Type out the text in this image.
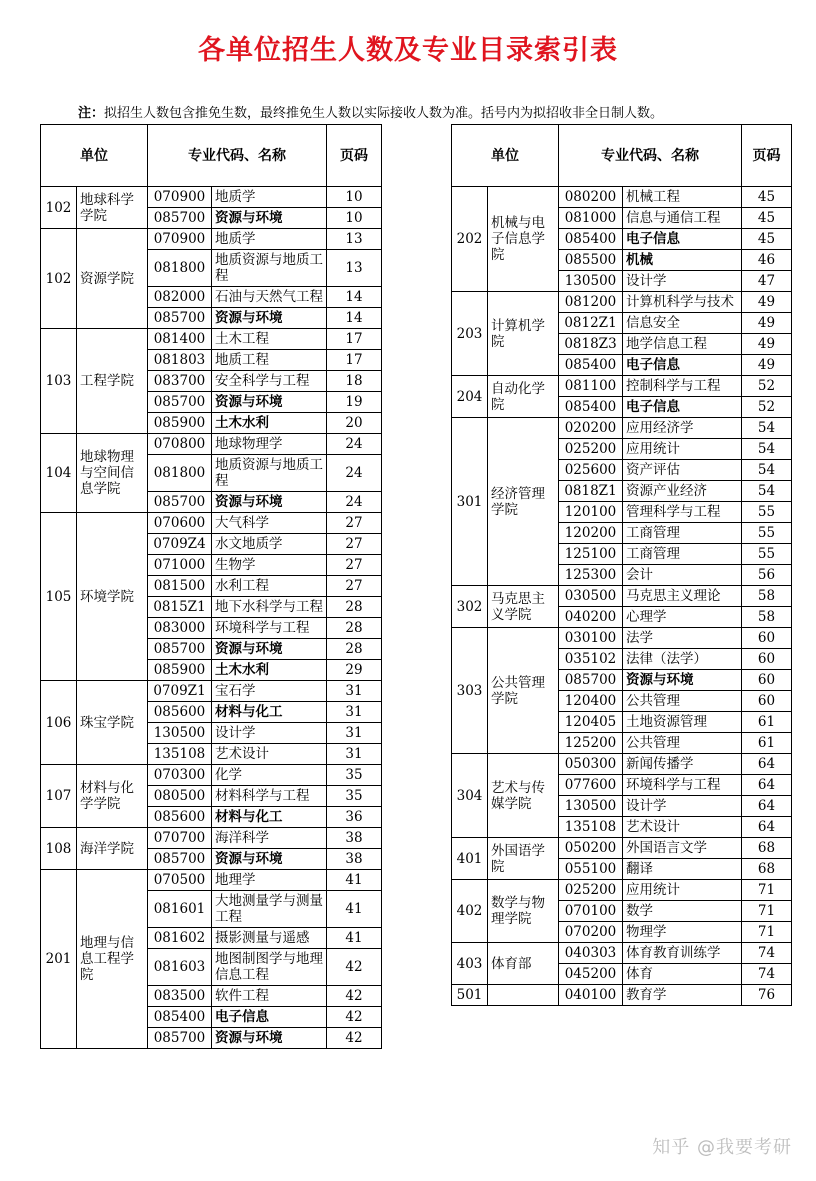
各单位招生人数及专业目录索引表
注：拟招生人数包含推免生数，最终推免生人数以实际接收人数为准。括号内为拟招收非全日制人数。
单位		专业代码、名称		页码
102	地球科学学院	070900	地质学	10
		085700	资源与环境	10
102	资源学院	070900	地质学	13
		081800	地质资源与地质工程	13
		082000	石油与天然气工程	14
		085700	资源与环境	14
103	工程学院	081400	土木工程	17
		081803	地质工程	17
		083700	安全科学与工程	18
		085700	资源与环境	19
		085900	土木水利	20
104	地球物理与空间信息学院	070800	地球物理学	24
		081800	地质资源与地质工程	24
		085700	资源与环境	24
105	环境学院	070600	大气科学	27
		0709Z4	水文地质学	27
		071000	生物学	27
		081500	水利工程	27
		0815Z1	地下水科学与工程	28
		083000	环境科学与工程	28
		085700	资源与环境	28
		085900	土木水利	29
106	珠宝学院	0709Z1	宝石学	31
		085600	材料与化工	31
		130500	设计学	31
		135108	艺术设计	31
107	材料与化学学院	070300	化学	35
		080500	材料科学与工程	35
		085600	材料与化工	36
108	海洋学院	070700	海洋科学	38
		085700	资源与环境	38
201	地理与信息工程学院	070500	地理学	41
		081601	大地测量学与测量工程	41
		081602	摄影测量与遥感	41
		081603	地图制图学与地理信息工程	42
		083500	软件工程	42
		085400	电子信息	42
		085700	资源与环境	42
单位		专业代码、名称		页码
202	机械与电子信息学院	080200	机械工程	45
		081000	信息与通信工程	45
		085400	电子信息	45
		085500	机械	46
		130500	设计学	47
203	计算机学院	081200	计算机科学与技术	49
		0812Z1	信息安全	49
		0818Z3	地学信息工程	49
		085400	电子信息	49
204	自动化学院	081100	控制科学与工程	52
		085400	电子信息	52
301	经济管理学院	020200	应用经济学	54
		025200	应用统计	54
		025600	资产评估	54
		0818Z1	资源产业经济	54
		120100	管理科学与工程	55
		120200	工商管理	55
		125100	工商管理	55
		125300	会计	56
302	马克思主义学院	030500	马克思主义理论	58
		040200	心理学	58
303	公共管理学院	030100	法学	60
		035102	法律（法学）	60
		085700	资源与环境	60
		120400	公共管理	60
		120405	土地资源管理	61
		125200	公共管理	61
304	艺术与传媒学院	050300	新闻传播学	64
		077600	环境科学与工程	64
		130500	设计学	64
		135108	艺术设计	64
401	外国语学院	050200	外国语言文学	68
		055100	翻译	68
402	数学与物理学院	025200	应用统计	71
		070100	数学	71
		070200	物理学	71
403	体育部	040303	体育教育训练学	74
		045200	体育	74
501		040100	教育学	76
知乎 @我要考研
